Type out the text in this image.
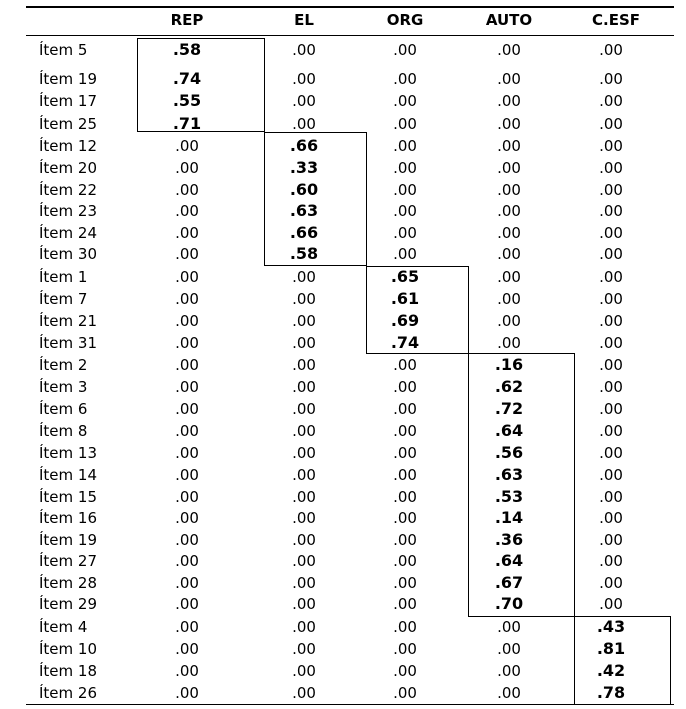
REP	EL	ORG	AUTO	C.ESF
Ítem 5	.58	.00	.00	.00	.00
Ítem 19	.74	.00	.00	.00	.00
Ítem 17	.55	.00	.00	.00	.00
Ítem 25	.71	.00	.00	.00	.00
Ítem 12	.00	.66	.00	.00	.00
Ítem 20	.00	.33	.00	.00	.00
Ítem 22	.00	.60	.00	.00	.00
Ítem 23	.00	.63	.00	.00	.00
Ítem 24	.00	.66	.00	.00	.00
Ítem 30	.00	.58	.00	.00	.00
Ítem 1	.00	.00	.65	.00	.00
Ítem 7	.00	.00	.61	.00	.00
Ítem 21	.00	.00	.69	.00	.00
Ítem 31	.00	.00	.74	.00	.00
Ítem 2	.00	.00	.00	.16	.00
Ítem 3	.00	.00	.00	.62	.00
Ítem 6	.00	.00	.00	.72	.00
Ítem 8	.00	.00	.00	.64	.00
Ítem 13	.00	.00	.00	.56	.00
Ítem 14	.00	.00	.00	.63	.00
Ítem 15	.00	.00	.00	.53	.00
Ítem 16	.00	.00	.00	.14	.00
Ítem 19	.00	.00	.00	.36	.00
Ítem 27	.00	.00	.00	.64	.00
Ítem 28	.00	.00	.00	.67	.00
Ítem 29	.00	.00	.00	.70	.00
Ítem 4	.00	.00	.00	.00	.43
Ítem 10	.00	.00	.00	.00	.81
Ítem 18	.00	.00	.00	.00	.42
Ítem 26	.00	.00	.00	.00	.78
